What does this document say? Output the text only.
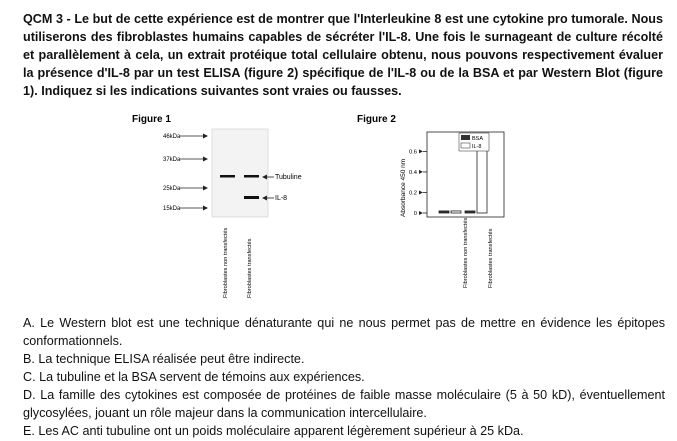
QCM 3 - Le but de cette expérience est de montrer que l'Interleukine 8 est une cytokine pro tumorale. Nous utiliserons des fibroblastes humains capables de sécréter l'IL-8. Une fois le surnageant de culture récolté et parallèlement à cela, un extrait protéique total cellulaire obtenu, nous pouvons respectivement évaluer la présence d'IL-8 par un test ELISA (figure 2) spécifique de l'IL-8 ou de la BSA et par Western Blot (figure 1). Indiquez si les indications suivantes sont vraies ou fausses.
Figure 1
46kDa
37kDa
25kDa
15kDa
Tubuline
IL-8
Fibroblastes non transfectés	Fibroblastes transfectés
Figure 2
Absorbance 450 nm 0
0.2
0.4
0.6
BSA
IL-8
Fibroblastes non transfectés	Fibroblastes transfectés

A. Le Western blot est une technique dénaturante qui ne nous permet pas de mettre en évidence les épitopes conformationnels.

B. La technique ELISA réalisée peut être indirecte.

C. La tubuline et la BSA servent de témoins aux expériences.

D. La famille des cytokines est composée de protéines de faible masse moléculaire (5 à 50 kD), éventuellement glycosylées, jouant un rôle majeur dans la communication intercellulaire.

E. Les AC anti tubuline ont un poids moléculaire apparent légèrement supérieur à 25 kDa.
